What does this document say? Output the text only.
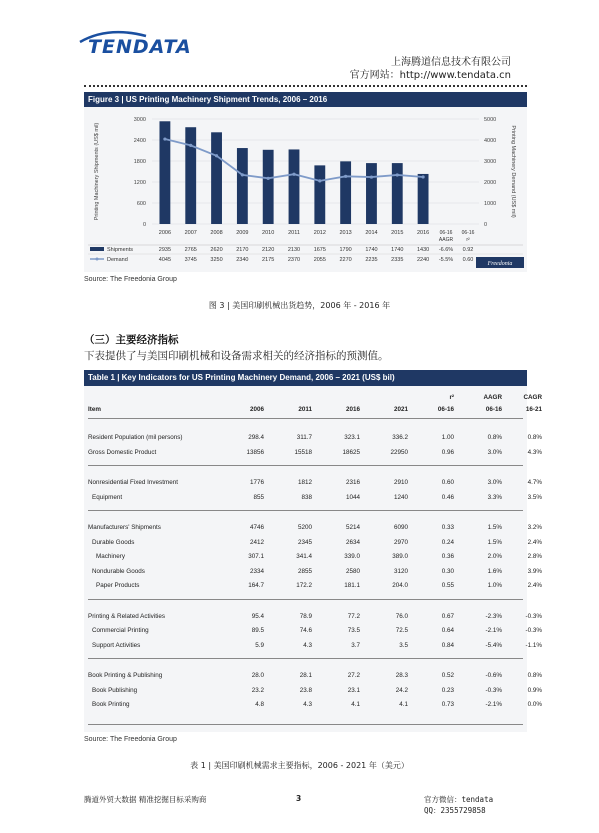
TENDATA
上海腾道信息技术有限公司
官方网站：http://www.tendata.cn
Figure 3 | US Printing Machinery Shipment Trends, 2006 – 2016
0
600
1200
1800
2400
3000
0
1000
2000
3000
4000
5000
Printing Machinery Shipments (US$ mil)	Printing Machinery Demand (US$ mil)
2006 2007 2008 2009 2010	2011	2012 2013 2014 2015 2016 06-16
AAGR
06-16
r²
Shipments	2935 2765 2620 2170 2120 2130 1675 1790 1740 1740 1430 -6.6% 0.92
Demand	4045 3745 3250 2340 2175 2370 2055 2270 2235 2335 2240 -5.5% 0.60
Freedonia
Source: The Freedonia Group
图 3 | 美国印刷机械出货趋势，2006 年 - 2016 年
（三）主要经济指标
下表提供了与美国印刷机械和设备需求相关的经济指标的预测值。
Table 1 | Key Indicators for US Printing Machinery Demand, 2006 – 2021 (US$ bil)
r²	AAGR	CAGR
Item	2006	2011	2016	2021	06-16	06-16	16-21
Resident Population (mil persons)	298.4	311.7	323.1	336.2	1.00	0.8%	0.8%
Gross Domestic Product	13856	15518	18625	22950	0.96	3.0%	4.3%
Nonresidential Fixed Investment	1776	1812	2316	2910	0.60	3.0%	4.7%
Equipment	855	838	1044	1240	0.46	3.3%	3.5%
Manufacturers' Shipments	4746	5200	5214	6090	0.33	1.5%	3.2%
Durable Goods	2412	2345	2634	2970	0.24	1.5%	2.4%
Machinery	307.1	341.4	339.0	389.0	0.36	2.0%	2.8%
Nondurable Goods	2334	2855	2580	3120	0.30	1.6%	3.9%
Paper Products	164.7	172.2	181.1	204.0	0.55	1.0%	2.4%
Printing & Related Activities	95.4	78.9	77.2	76.0	0.67	-2.3%	-0.3%
Commercial Printing	89.5	74.6	73.5	72.5	0.64	-2.1%	-0.3%
Support Activities	5.9	4.3	3.7	3.5	0.84	-5.4%	-1.1%
Book Printing & Publishing	28.0	28.1	27.2	28.3	0.52	-0.6%	0.8%
Book Publishing	23.2	23.8	23.1	24.2	0.23	-0.3%	0.9%
Book Printing	4.8	4.3	4.1	4.1	0.73	-2.1%	0.0%
Source: The Freedonia Group
表 1 | 美国印刷机械需求主要指标，2006 - 2021 年（美元）
腾道外贸大数据 精准挖掘目标采购商	3	官方微信：tendata
QQ：2355729858
